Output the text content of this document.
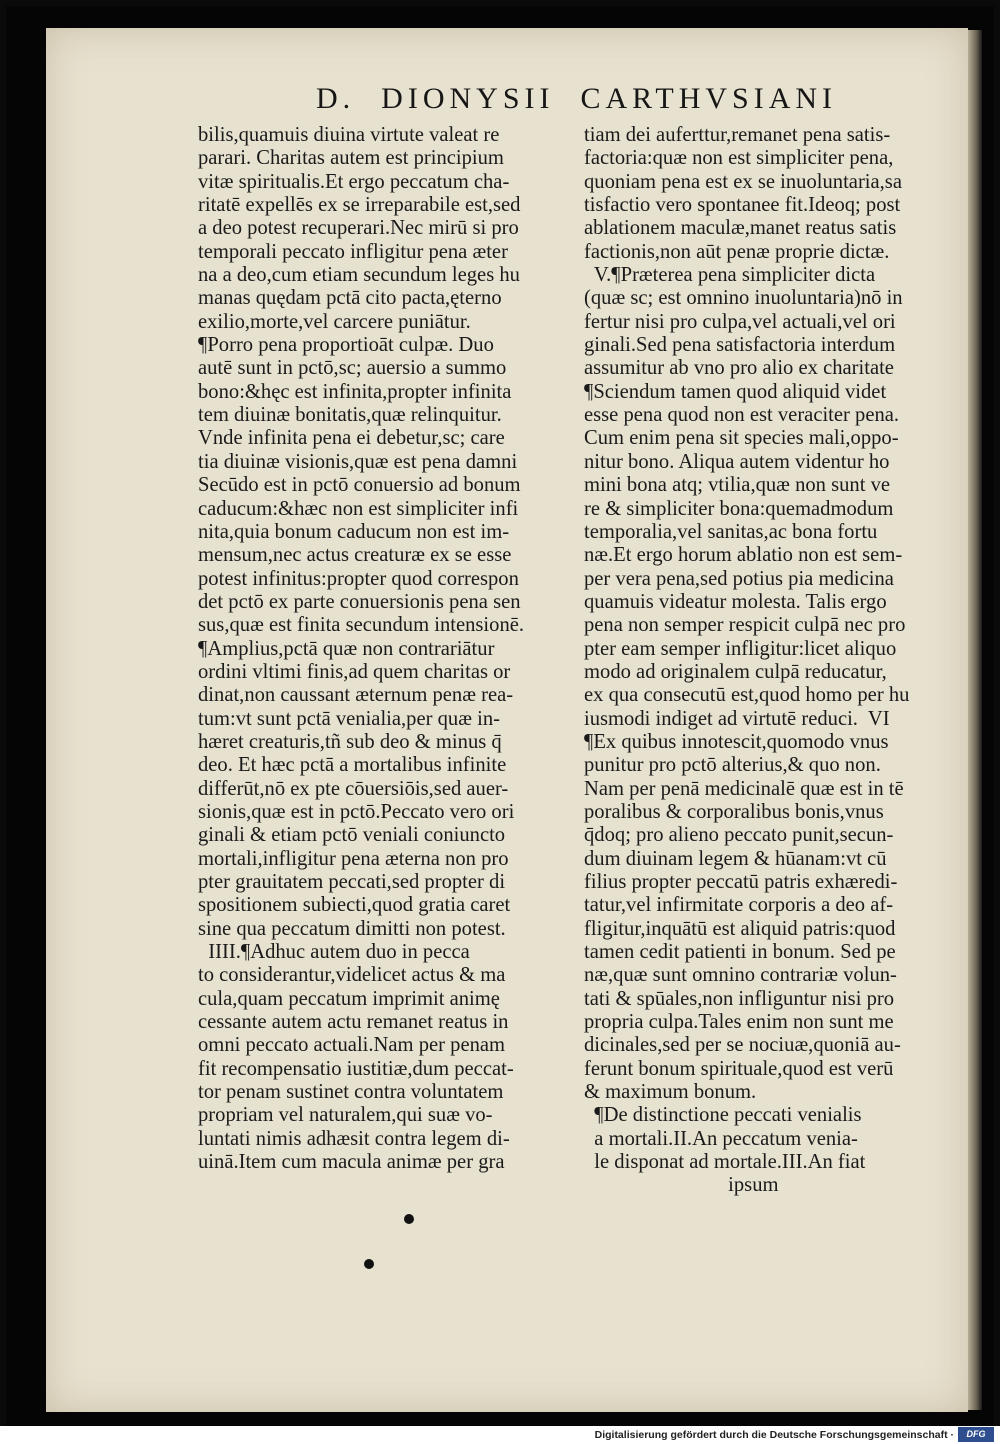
D. DIONYSII CARTHVSIANI
bilis,quamuis diuina virtute valeat re
parari. Charitas autem est principium
vitæ spiritualis.Et ergo peccatum cha-
ritatē expellēs ex se irreparabile est,sed
a deo potest recuperari.Nec mirū si pro
temporali peccato infligitur pena æter
na a deo,cum etiam secundum leges hu
manas quędam pctā cito pacta,ęterno
exilio,morte,vel carcere puniātur.
¶Porro pena proportioāt culpæ. Duo
autē sunt in pctō,sc; auersio a summo
bono:&hęc est infinita,propter infinita
tem diuinæ bonitatis,quæ relinquitur.
Vnde infinita pena ei debetur,sc; care
tia diuinæ visionis,quæ est pena damni
Secūdo est in pctō conuersio ad bonum
caducum:&hæc non est simpliciter infi
nita,quia bonum caducum non est im-
mensum,nec actus creaturæ ex se esse
potest infinitus:propter quod correspon
det pctō ex parte conuersionis pena sen
sus,quæ est finita secundum intensionē.
¶Amplius,pctā quæ non contrariātur
ordini vltimi finis,ad quem charitas or
dinat,non caussant æternum penæ rea-
tum:vt sunt pctā venialia,per quæ in-
hæret creaturis,tñ sub deo & minus q̄
deo. Et hæc pctā a mortalibus infinite
differūt,nō ex pte cōuersiōis,sed auer-
sionis,quæ est in pctō.Peccato vero ori
ginali & etiam pctō veniali coniuncto
mortali,infligitur pena æterna non pro
pter grauitatem peccati,sed propter di
spositionem subiecti,quod gratia caret
sine qua peccatum dimitti non potest.
IIII.¶Adhuc autem duo in pecca
to considerantur,videlicet actus & ma
cula,quam peccatum imprimit animę
cessante autem actu remanet reatus in
omni peccato actuali.Nam per penam
fit recompensatio iustitiæ,dum peccat-
tor penam sustinet contra voluntatem
propriam vel naturalem,qui suæ vo-
luntati nimis adhæsit contra legem di-
uinā.Item cum macula animæ per gra
tiam dei auferttur,remanet pena satis-
factoria:quæ non est simpliciter pena,
quoniam pena est ex se inuoluntaria,sa
tisfactio vero spontanee fit.Ideoq; post
ablationem maculæ,manet reatus satis
factionis,non aūt penæ proprie dictæ.
V.¶Præterea pena simpliciter dicta
(quæ sc; est omnino inuoluntaria)nō in
fertur nisi pro culpa,vel actuali,vel ori
ginali.Sed pena satisfactoria interdum
assumitur ab vno pro alio ex charitate
¶Sciendum tamen quod aliquid videt
esse pena quod non est veraciter pena.
Cum enim pena sit species mali,oppo-
nitur bono. Aliqua autem videntur ho
mini bona atq; vtilia,quæ non sunt ve
re & simpliciter bona:quemadmodum
temporalia,vel sanitas,ac bona fortu
næ.Et ergo horum ablatio non est sem-
per vera pena,sed potius pia medicina
quamuis videatur molesta. Talis ergo
pena non semper respicit culpā nec pro
pter eam semper infligitur:licet aliquo
modo ad originalem culpā reducatur,
ex qua consecutū est,quod homo per hu
iusmodi indiget ad virtutē reduci.  VI
¶Ex quibus innotescit,quomodo vnus
punitur pro pctō alterius,& quo non.
Nam per penā medicinalē quæ est in tē
poralibus & corporalibus bonis,vnus
q̄doq; pro alieno peccato punit,secun-
dum diuinam legem & hūanam:vt cū
filius propter peccatū patris exhæredi-
tatur,vel infirmitate corporis a deo af-
fligitur,inquātū est aliquid patris:quod
tamen cedit patienti in bonum. Sed pe
næ,quæ sunt omnino contrariæ volun-
tati & spūales,non infliguntur nisi pro
propria culpa.Tales enim non sunt me
dicinales,sed per se nociuæ,quoniā au-
ferunt bonum spirituale,quod est verū
& maximum bonum.
¶De distinctione peccati venialis
a mortali.II.An peccatum venia-
le disponat ad mortale.III.An fiat
ipsum
Digitalisierung gefördert durch die Deutsche Forschungsgemeinschaft ·	DFG
